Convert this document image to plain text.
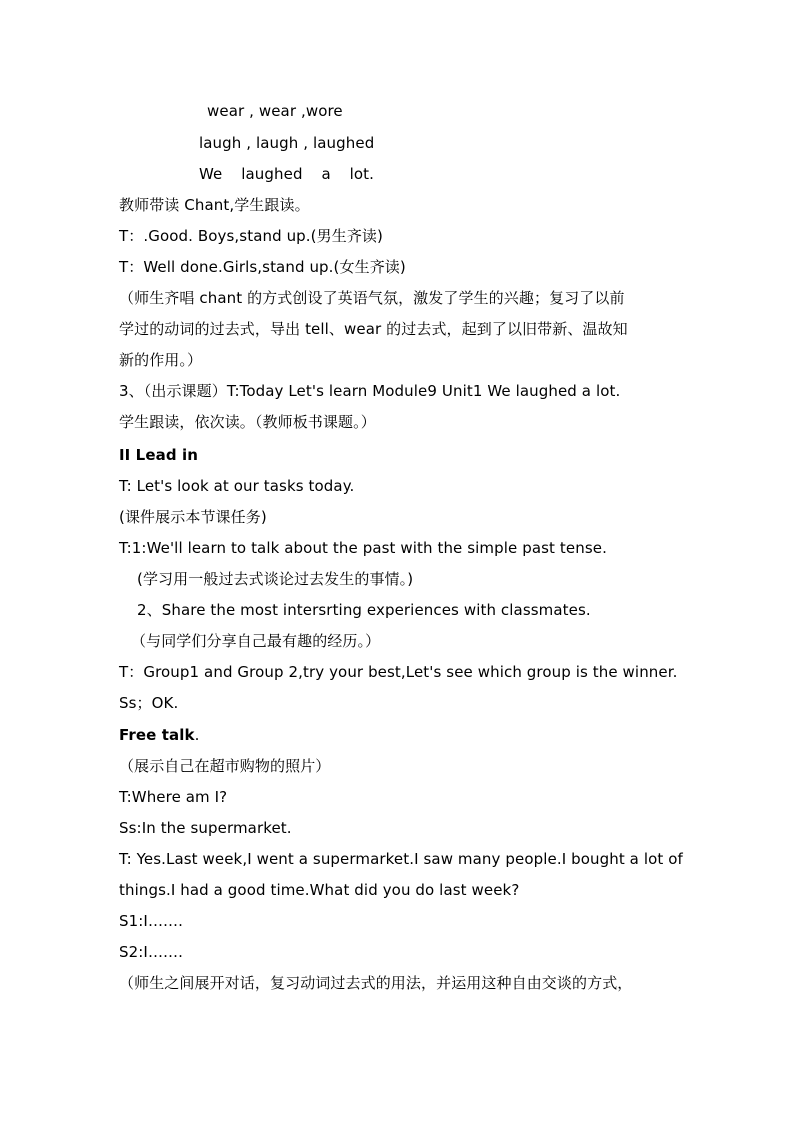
wear , wear ,wore
laugh , laugh , laughed
We laughed a lot.
教师带读 Chant,学生跟读。
T：.Good. Boys,stand up.(男生齐读)
T：Well done.Girls,stand up.(女生齐读)
（师生齐唱 chant 的方式创设了英语气氛，激发了学生的兴趣；复习了以前
学过的动词的过去式，导出 tell、wear 的过去式，起到了以旧带新、温故知
新的作用。）
3、（出示课题）T:Today Let's learn Module9 Unit1 We laughed a lot.
学生跟读，依次读。（教师板书课题。）
II Lead in
T: Let's look at our tasks today.
(课件展示本节课任务)
T:1:We'll learn to talk about the past with the simple past tense.
(学习用一般过去式谈论过去发生的事情。)
2、Share the most intersrting experiences with classmates.
（与同学们分享自己最有趣的经历。）
T：Group1 and Group 2,try your best,Let's see which group is the winner.
Ss；OK.
Free talk.
（展示自己在超市购物的照片）
T:Where am I?
Ss:In the supermarket.
T: Yes.Last week,I went a supermarket.I saw many people.I bought a lot of
things.I had a good time.What did you do last week?
S1:I…….
S2:I…….
（师生之间展开对话，复习动词过去式的用法，并运用这种自由交谈的方式，
